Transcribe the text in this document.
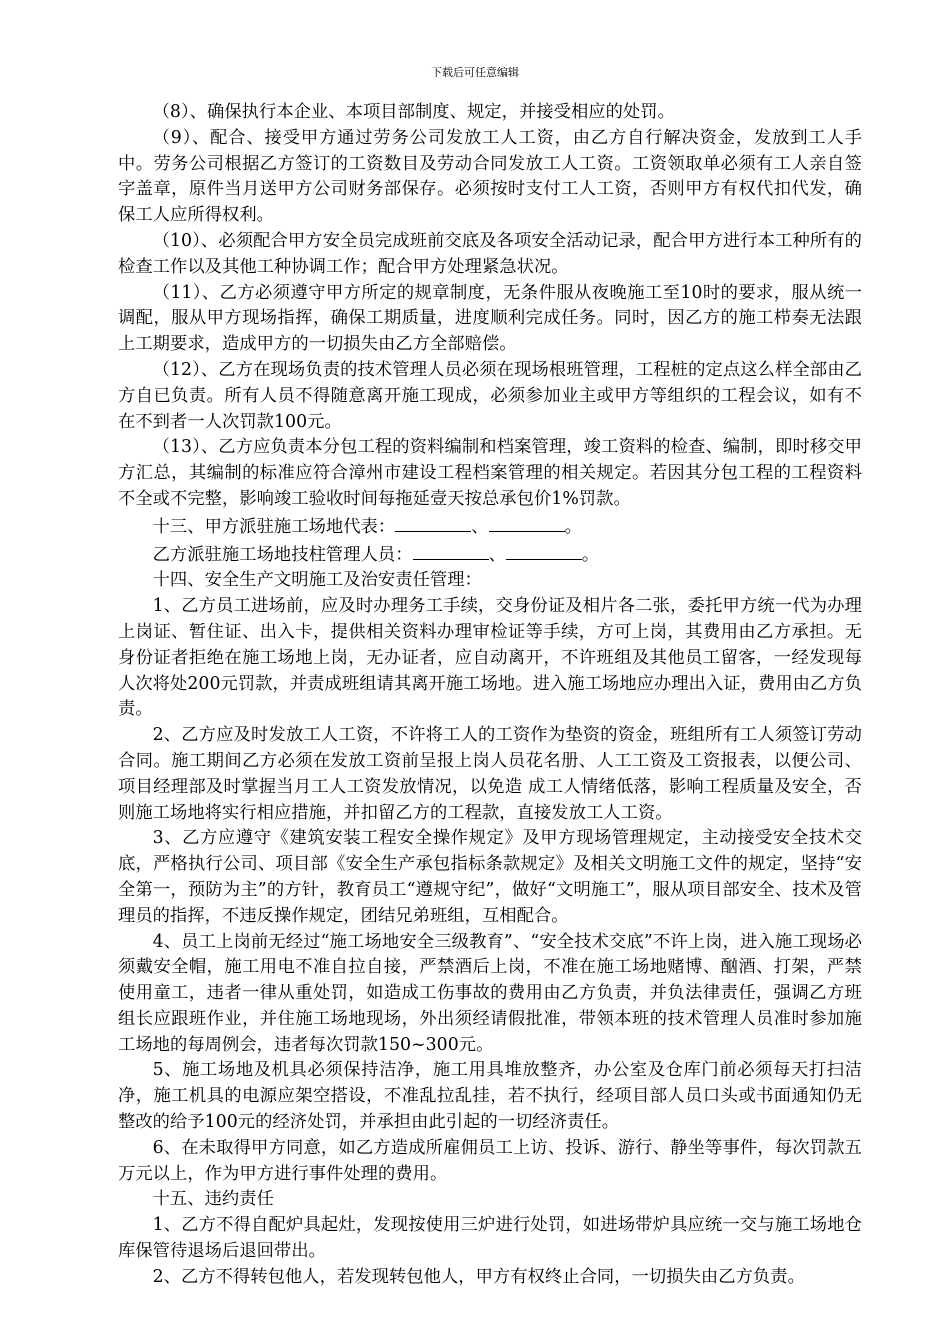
下载后可任意编辑

（8）、确保执行本企业、本项目部制度、规定，并接受相应的处罚。

（9）、配合、接受甲方通过劳务公司发放工人工资，由乙方自行解决资金，发放到工人手中。劳务公司根据乙方签订的工资数目及劳动合同发放工人工资。工资领取单必须有工人亲自签字盖章，原件当月送甲方公司财务部保存。必须按时支付工人工资，否则甲方有权代扣代发，确保工人应所得权利。

（10）、必须配合甲方安全员完成班前交底及各项安全活动记录，配合甲方进行本工种所有的检查工作以及其他工种协调工作；配合甲方处理紧急状况。

（11）、乙方必须遵守甲方所定的规章制度，无条件服从夜晚施工至10时的要求，服从统一调配，服从甲方现场指挥，确保工期质量，进度顺利完成任务。同时，因乙方的施工栉奏无法跟上工期要求，造成甲方的一切损失由乙方全部赔偿。

（12）、乙方在现场负责的技术管理人员必须在现场根班管理，工程桩的定点这么样全部由乙方自已负责。所有人员不得随意离开施工现成，必须参加业主或甲方等组织的工程会议，如有不在不到者一人次罚款100元。

（13）、乙方应负责本分包工程的资料编制和档案管理，竣工资料的检查、编制，即时移交甲方汇总，其编制的标准应符合漳州市建设工程档案管理的相关规定。若因其分包工程的工程资料不全或不完整，影响竣工验收时间每拖延壹天按总承包价1%罚款。

十三、甲方派驻施工场地代表：	、	。

乙方派驻施工场地技柱管理人员：	、	。

十四、安全生产文明施工及治安责任管理：

1、乙方员工进场前，应及时办理务工手续，交身份证及相片各二张，委托甲方统一代为办理上岗证、暂住证、出入卡，提供相关资料办理审检证等手续，方可上岗，其费用由乙方承担。无身份证者拒绝在施工场地上岗，无办证者，应自动离开，不许班组及其他员工留客，一经发现每人次将处200元罚款，并责成班组请其离开施工场地。进入施工场地应办理出入证，费用由乙方负责。

2、乙方应及时发放工人工资，不许将工人的工资作为垫资的资金，班组所有工人须签订劳动合同。施工期间乙方必须在发放工资前呈报上岗人员花名册、人工工资及工资报表，以便公司、项目经理部及时掌握当月工人工资发放情况，以免造 成工人情绪低落，影响工程质量及安全，否则施工场地将实行相应措施，并扣留乙方的工程款，直接发放工人工资。

3、乙方应遵守《建筑安装工程安全操作规定》及甲方现场管理规定，主动接受安全技术交底，严格执行公司、项目部《安全生产承包指标条款规定》及相关文明施工文件的规定，坚持“安全第一，预防为主”的方针，教育员工“遵规守纪”，做好“文明施工”，服从项目部安全、技术及管理员的指挥，不违反操作规定，团结兄弟班组，互相配合。

4、员工上岗前无经过“施工场地安全三级教育”、“安全技术交底”不许上岗，进入施工现场必须戴安全帽，施工用电不准自拉自接，严禁酒后上岗，不准在施工场地赌博、酗酒、打架，严禁使用童工，违者一律从重处罚，如造成工伤事故的费用由乙方负责，并负法律责任，强调乙方班组长应跟班作业，并住施工场地现场，外出须经请假批准，带领本班的技术管理人员准时参加施工场地的每周例会，违者每次罚款150~300元。

5、施工场地及机具必须保持洁净，施工用具堆放整齐，办公室及仓库门前必须每天打扫洁净，施工机具的电源应架空搭设，不准乱拉乱挂，若不执行，经项目部人员口头或书面通知仍无整改的给予100元的经济处罚，并承担由此引起的一切经济责任。

6、在未取得甲方同意，如乙方造成所雇佣员工上访、投诉、游行、静坐等事件，每次罚款五万元以上，作为甲方进行事件处理的费用。

十五、违约责任

1、乙方不得自配炉具起灶，发现按使用三炉进行处罚，如进场带炉具应统一交与施工场地仓库保管待退场后退回带出。

2、乙方不得转包他人，若发现转包他人，甲方有权终止合同，一切损失由乙方负责。
